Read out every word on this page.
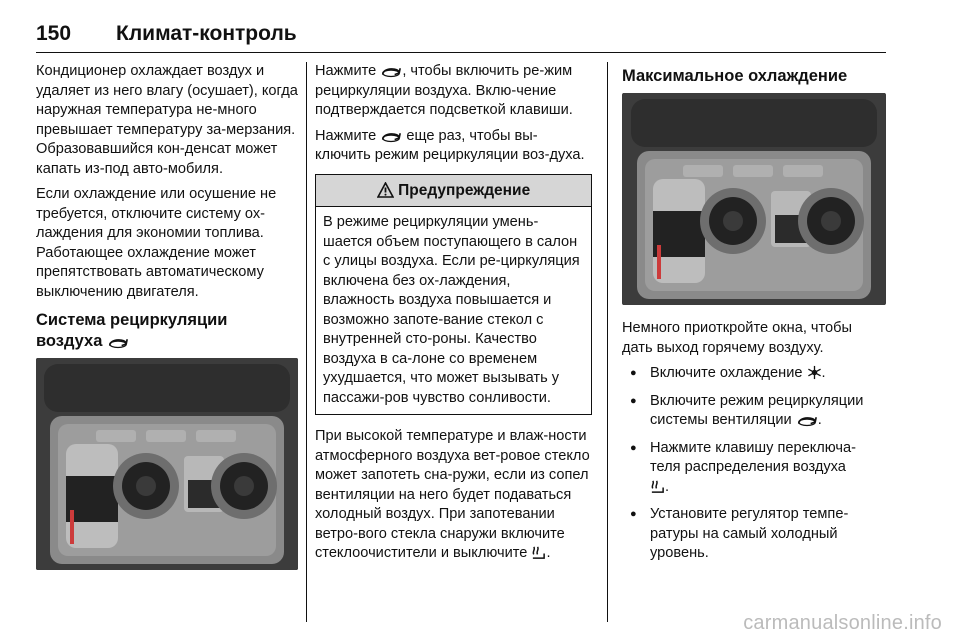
150 Климат-контроль

Кондиционер охлаждает воздух и удаляет из него влагу (осушает), когда наружная температура не-много превышает температуру за-мерзания. Образовавшийся кон-денсат может капать из-под авто-мобиля.

Если охлаждение или осушение не требуется, отключите систему ох-лаждения для экономии топлива. Работающее охлаждение может препятствовать автоматическому выключению двигателя.

Система рециркуляции
воздуха

Нажмите , чтобы включить ре-жим рециркуляции воздуха. Вклю-чение подтверждается подсветкой клавиши.

Нажмите еще раз, чтобы вы-ключить режим рециркуляции воз-духа.

Предупреждение
В режиме рециркуляции умень-шается объем поступающего в салон с улицы воздуха. Если ре-циркуляция включена без ох-лаждения, влажность воздуха повышается и возможно запоте-вание стекол с внутренней сто-роны. Качество воздуха в са-лоне со временем ухудшается, что может вызывать у пассажи-ров чувство сонливости.

При высокой температуре и влаж-ности атмосферного воздуха вет-ровое стекло может запотеть сна-ружи, если из сопел вентиляции на него будет подаваться холодный воздух. При запотевании ветро-вого стекла снаружи включите стеклоочистители и выключите .

Максимальное охлаждение

Немного приоткройте окна, чтобы дать выход горячему воздуху.

● Включите охлаждение .
● Включите режим рециркуляции системы вентиляции .
● Нажмите клавишу переключа-теля распределения воздуха
.
● Установите регулятор темпе-ратуры на самый холодный уровень.
carmanualsonline.info
